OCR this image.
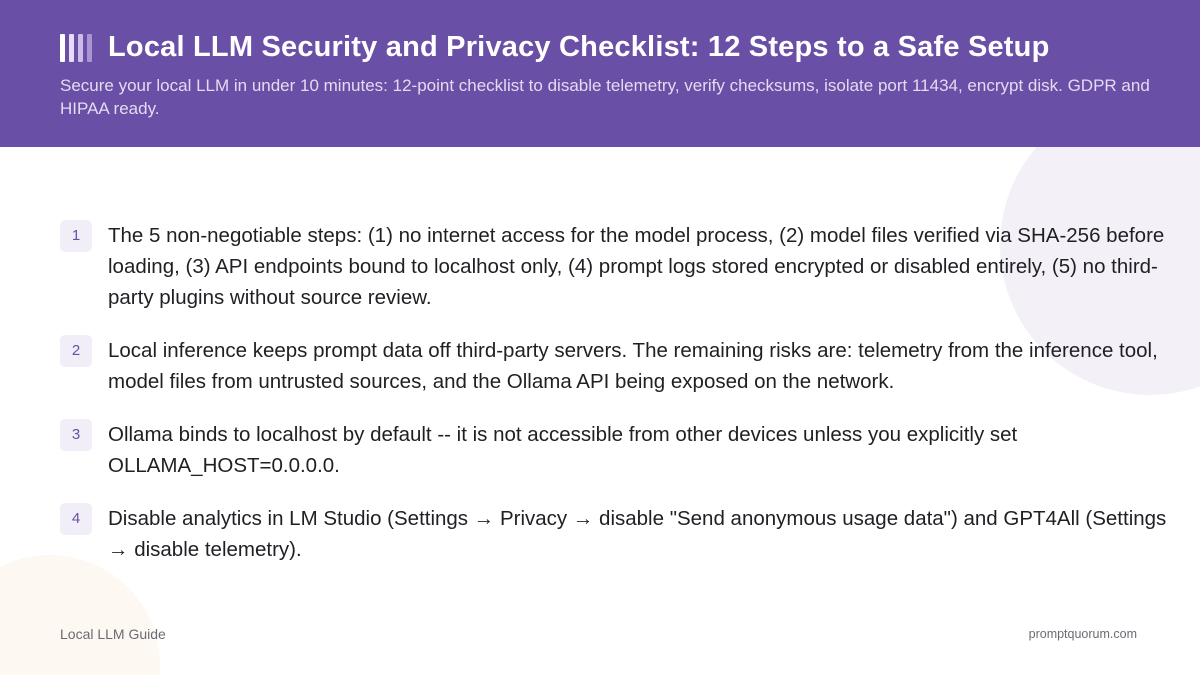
Local LLM Security and Privacy Checklist: 12 Steps to a Safe Setup

Secure your local LLM in under 10 minutes: 12-point checklist to disable telemetry, verify checksums, isolate port 11434, encrypt disk. GDPR and HIPAA ready.

1	The 5 non-negotiable steps: (1) no internet access for the model process, (2) model files verified via SHA-256 before loading, (3) API endpoints bound to localhost only, (4) prompt logs stored encrypted or disabled entirely, (5) no third-party plugins without source review.

2	Local inference keeps prompt data off third-party servers. The remaining risks are: telemetry from the inference tool, model files from untrusted sources, and the Ollama API being exposed on the network.

3	Ollama binds to localhost by default -- it is not accessible from other devices unless you explicitly set OLLAMA_HOST=0.0.0.0.

4	Disable analytics in LM Studio (Settings → Privacy → disable "Send anonymous usage data") and GPT4All (Settings → disable telemetry).

Local LLM Guide	promptquorum.com
